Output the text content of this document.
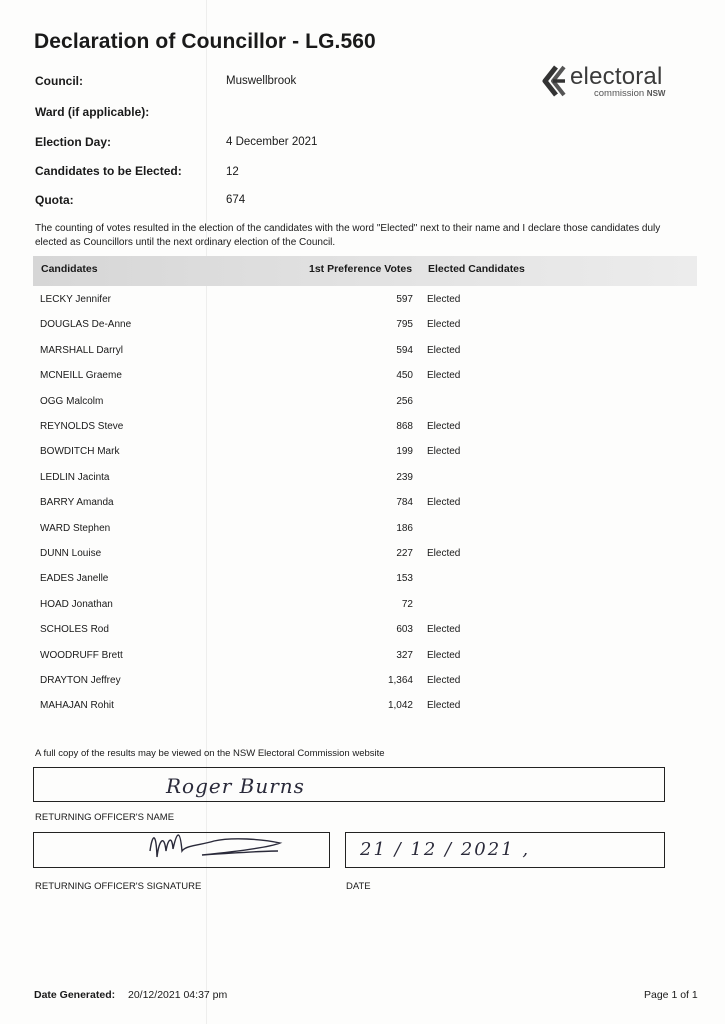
Declaration of Councillor - LG.560
electoral
commission NSW
Council:	Muswellbrook
Ward (if applicable):
Election Day:	4 December 2021
Candidates to be Elected:	12
Quota:	674
The counting of votes resulted in the election of the candidates with the word "Elected" next to their name and I declare those candidates duly elected as Councillors until the next ordinary election of the Council.
Candidates	1st Preference Votes Elected Candidates
LECKY Jennifer	597 Elected
DOUGLAS De-Anne	795 Elected
MARSHALL Darryl	594 Elected
MCNEILL Graeme	450 Elected
OGG Malcolm	256
REYNOLDS Steve	868 Elected
BOWDITCH Mark	199 Elected
LEDLIN Jacinta	239
BARRY Amanda	784 Elected
WARD Stephen	186
DUNN Louise	227 Elected
EADES Janelle	153
HOAD Jonathan	72
SCHOLES Rod	603 Elected
WOODRUFF Brett	327 Elected
DRAYTON Jeffrey	1,364 Elected
MAHAJAN Rohit	1,042 Elected
A full copy of the results may be viewed on the NSW Electoral Commission website
Roger Burns
RETURNING OFFICER'S NAME
RETURNING OFFICER'S SIGNATURE
21 / 12 / 2021 ,
DATE
Date Generated: 20/12/2021 04:37 pm	Page 1 of 1
